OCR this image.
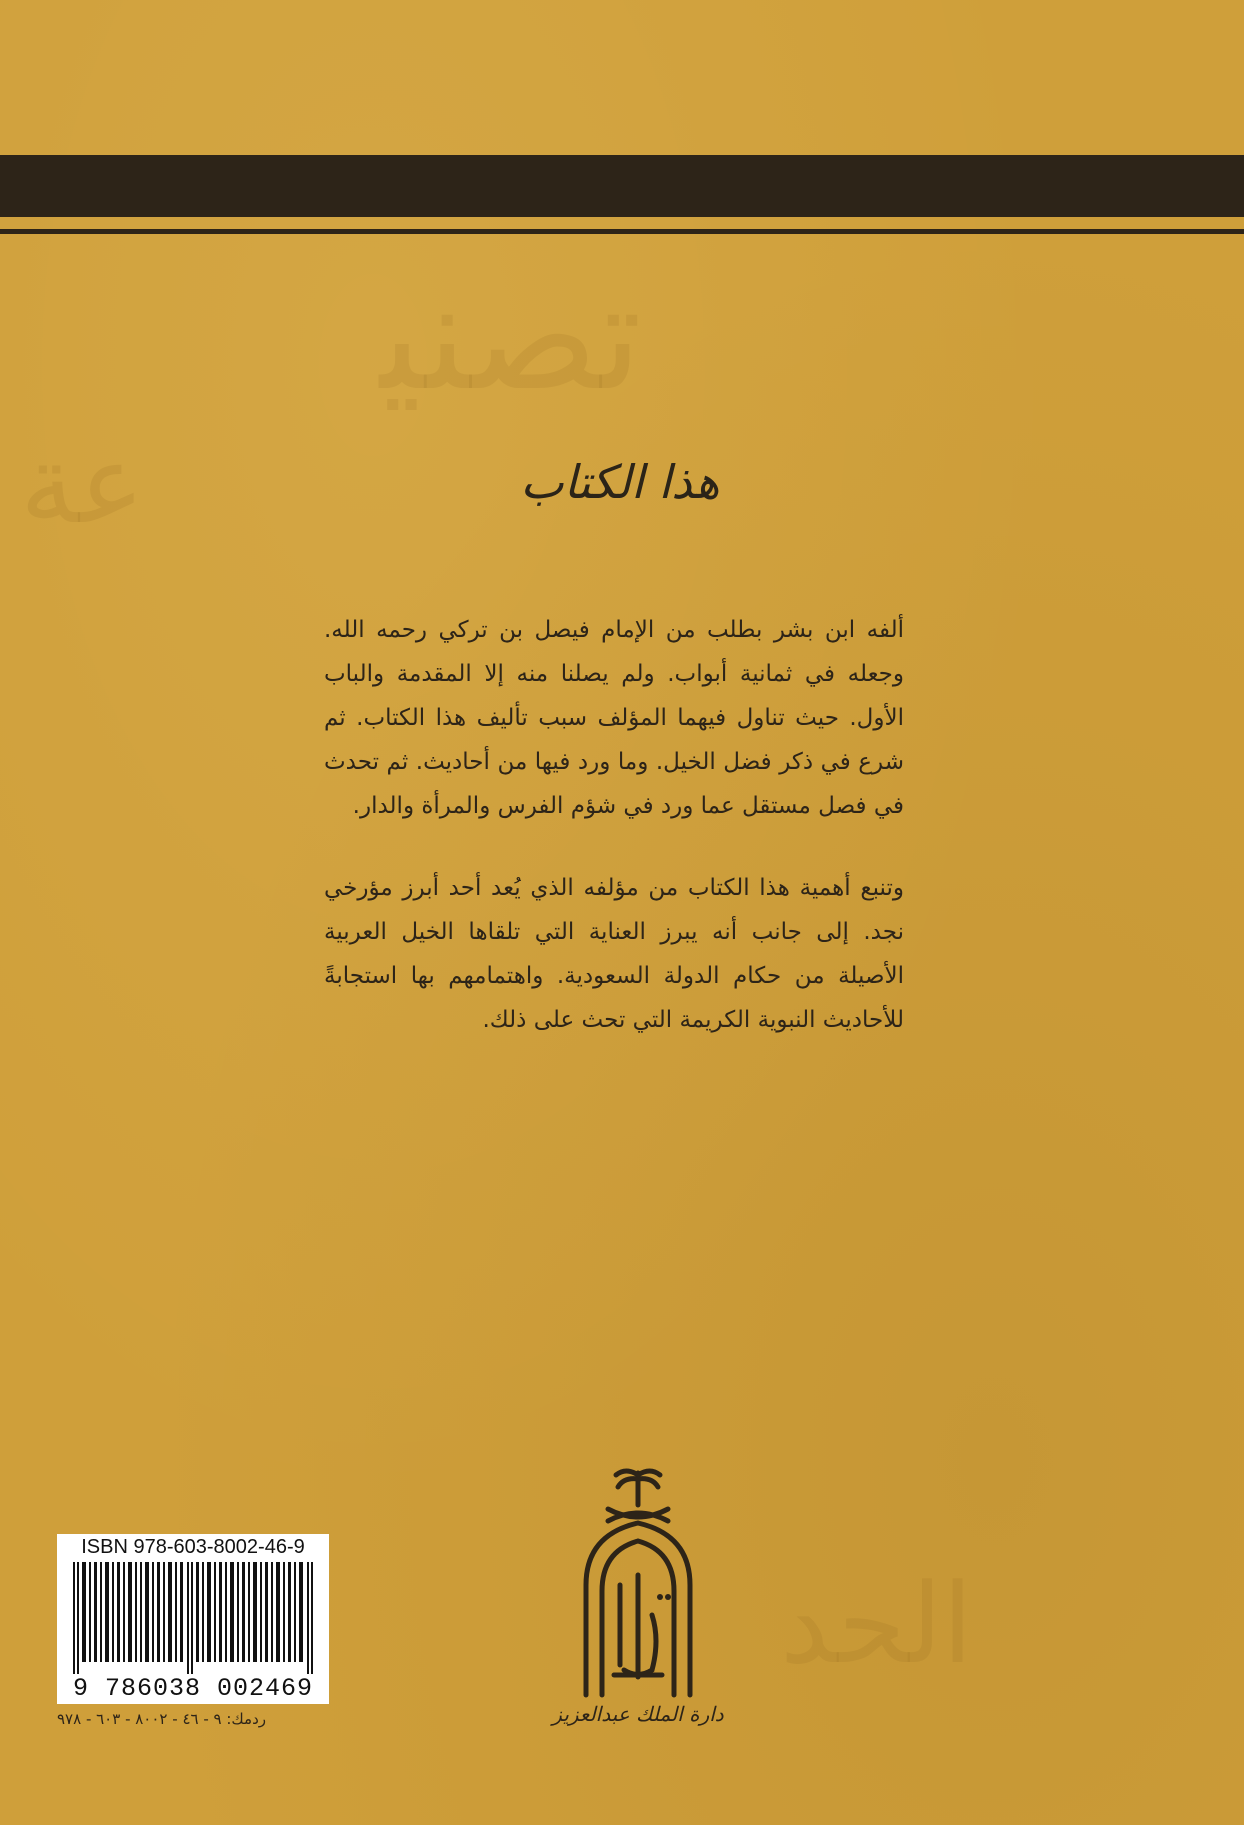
ﺗﺼﻨﻴ
ﻋﺔ
ﺍﻟﺤﺪ
هذا الكتاب

ألفه ابن بشر بطلب من الإمام فيصل بن تركي رحمه الله. وجعله في ثمانية أبواب. ولم يصلنا منه إلا المقدمة والباب الأول. حيث تناول فيهما المؤلف سبب تأليف هذا الكتاب. ثم شرع في ذكر فضل الخيل. وما ورد فيها من أحاديث. ثم تحدث في فصل مستقل عما ورد في شؤم الفرس والمرأة والدار.

وتنبع أهمية هذا الكتاب من مؤلفه الذي يُعد أحد أبرز مؤرخي نجد. إلى جانب أنه يبرز العناية التي تلقاها الخيل العربية الأصيلة من حكام الدولة السعودية. واهتمامهم بها استجابةً للأحاديث النبوية الكريمة التي تحث على ذلك.

ISBN 978-603-8002-46-9
9 786038 002469
ردمك: ٩ - ٤٦ - ٨٠٠٢ - ٦٠٣ - ٩٧٨	دارة الملك عبدالعزيز
